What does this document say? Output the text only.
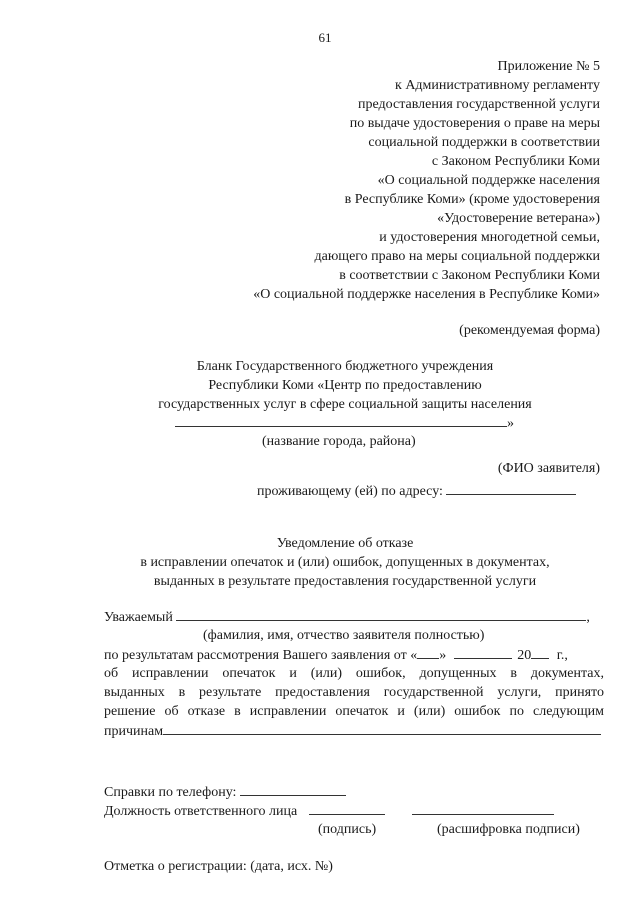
61
Приложение № 5
к Административному регламенту
предоставления государственной услуги
по выдаче удостоверения о праве на меры
социальной поддержки в соответствии
с Законом Республики Коми
«О социальной поддержке населения
в Республике Коми» (кроме удостоверения
«Удостоверение ветерана»)
и удостоверения многодетной семьи,
дающего право на меры социальной поддержки
в соответствии с Законом Республики Коми
«О социальной поддержке населения в Республике Коми»
(рекомендуемая форма)
Бланк Государственного бюджетного учреждения
Республики Коми «Центр по предоставлению
государственных услуг в сфере социальной защиты населения
»
(название города, района)
(ФИО заявителя)
проживающему (ей) по адресу:
Уведомление об отказе
в исправлении опечаток и (или) ошибок, допущенных в документах,
выданных в результате предоставления государственной услуги
Уважаемый	,
(фамилия, имя, отчество заявителя полностью)
по результатам рассмотрения Вашего заявления от « »	20 г.,
об исправлении опечаток и (или) ошибок, допущенных в документах,
выданных в результате предоставления государственной услуги, принято
решение об отказе в исправлении опечаток и (или) ошибок по следующим
причинам
Справки по телефону:
Должность ответственного лица
(подпись)	(расшифровка подписи)
Отметка о регистрации: (дата, исх. №)
